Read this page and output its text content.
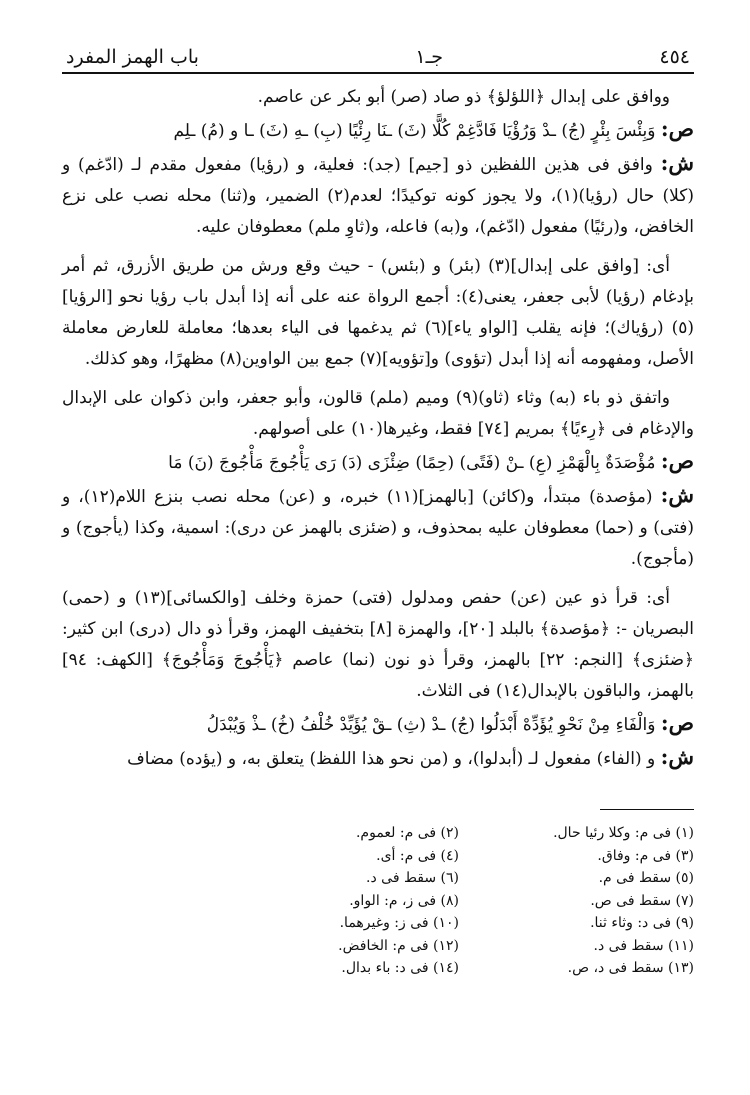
٤٥٤
جـ١
باب الهمز المفرد

ووافق على إبدال ﴿اللؤلؤ﴾ ذو صاد (صر) أبو بكر عن عاصم.

ص: وَبِئْسَ بِئْرٍ (جُ) ـدْ وَرُؤْيَا فَادَّغِمْ كُلًّا (ثَ) ـنَا رِئْيًا (بِ) ـهِ (ثَ) ـا و (مُ) ـلِم

ش: وافق فى هذين اللفظين ذو [جيم] (جد): فعلية، و (رؤيا) مفعول مقدم لـ (ادّغم) و (كلا) حال (رؤيا)(١)، ولا يجوز كونه توكيدًا؛ لعدم(٢) الضمير، و(ثنا) محله نصب على نزع الخافض، و(رئيًا) مفعول (ادّغم)، و(به) فاعله، و(ثاوِ ملم) معطوفان عليه.

أى: [وافق على إبدال](٣) (بئر) و (بئس) - حيث وقع ورش من طريق الأزرق، ثم أمر بإدغام (رؤيا) لأبى جعفر، يعنى(٤): أجمع الرواة عنه على أنه إذا أبدل باب رؤيا نحو [الرؤيا](٥) (رؤياك)؛ فإنه يقلب [الواو ياء](٦) ثم يدغمها فى الياء بعدها؛ معاملة للعارض معاملة الأصل، ومفهومه أنه إذا أبدل (تؤوى) و[تؤويه](٧) جمع بين الواوين(٨) مظهرًا، وهو كذلك.

واتفق ذو باء (به) وثاء (ثاو)(٩) وميم (ملم) قالون، وأبو جعفر، وابن ذكوان على الإبدال والإدغام فى ﴿رِءيًا﴾ بمريم [٧٤] فقط، وغيرها(١٠) على أصولهم.

ص: مُؤْصَدَةٌ بِالْهَمْزِ (عِ) ـنْ (فَتًى) (حِمًا) ضِئْزَى (دَ) رَى يَأْجُوجَ مَأْجُوجَ (نَ) مَا

ش: (مؤصدة) مبتدأ، و(كائن) [بالهمز](١١) خبره، و (عن) محله نصب بنزع اللام(١٢)، و (فتى) و (حما) معطوفان عليه بمحذوف، و (ضئزى بالهمز عن درى): اسمية، وكذا (يأجوج) و (مأجوج).

أى: قرأ ذو عين (عن) حفص ومدلول (فتى) حمزة وخلف [والكسائى](١٣) و (حمى) البصريان -: ﴿مؤصدة﴾ بالبلد [٢٠]، والهمزة [٨] بتخفيف الهمز، وقرأ ذو دال (درى) ابن كثير: ﴿ضئزى﴾ [النجم: ٢٢] بالهمز، وقرأ ذو نون (نما) عاصم ﴿يَأْجُوجَ وَمَأْجُوجَ﴾ [الكهف: ٩٤] بالهمز، والباقون بالإبدال(١٤) فى الثلاث.

ص: وَالْفَاءِ مِنْ نَحْوِ يُؤَدِّهْ أَبْدَلُوا (جُ) ـدْ (ثِ) ـقْ يُؤَيِّدْ خُلْفُ (خُ) ـذْ وَيُبْدَلُ

ش: و (الفاء) مفعول لـ (أبدلوا)، و (من نحو هذا اللفظ) يتعلق به، و (يؤده) مضاف

(١) فى م: وكلا رئيا حال.
(٣) فى م: وفاق.
(٥) سقط فى م.
(٧) سقط فى ص.
(٩) فى د: وثاء ثنا.
(١١) سقط فى د.
(١٣) سقط فى د، ص.
(٢) فى م: لعموم.
(٤) فى م: أى.
(٦) سقط فى د.
(٨) فى ز، م: الواو.
(١٠) فى ز: وغيرهما.
(١٢) فى م: الخافض.
(١٤) فى د: باء بدال.
